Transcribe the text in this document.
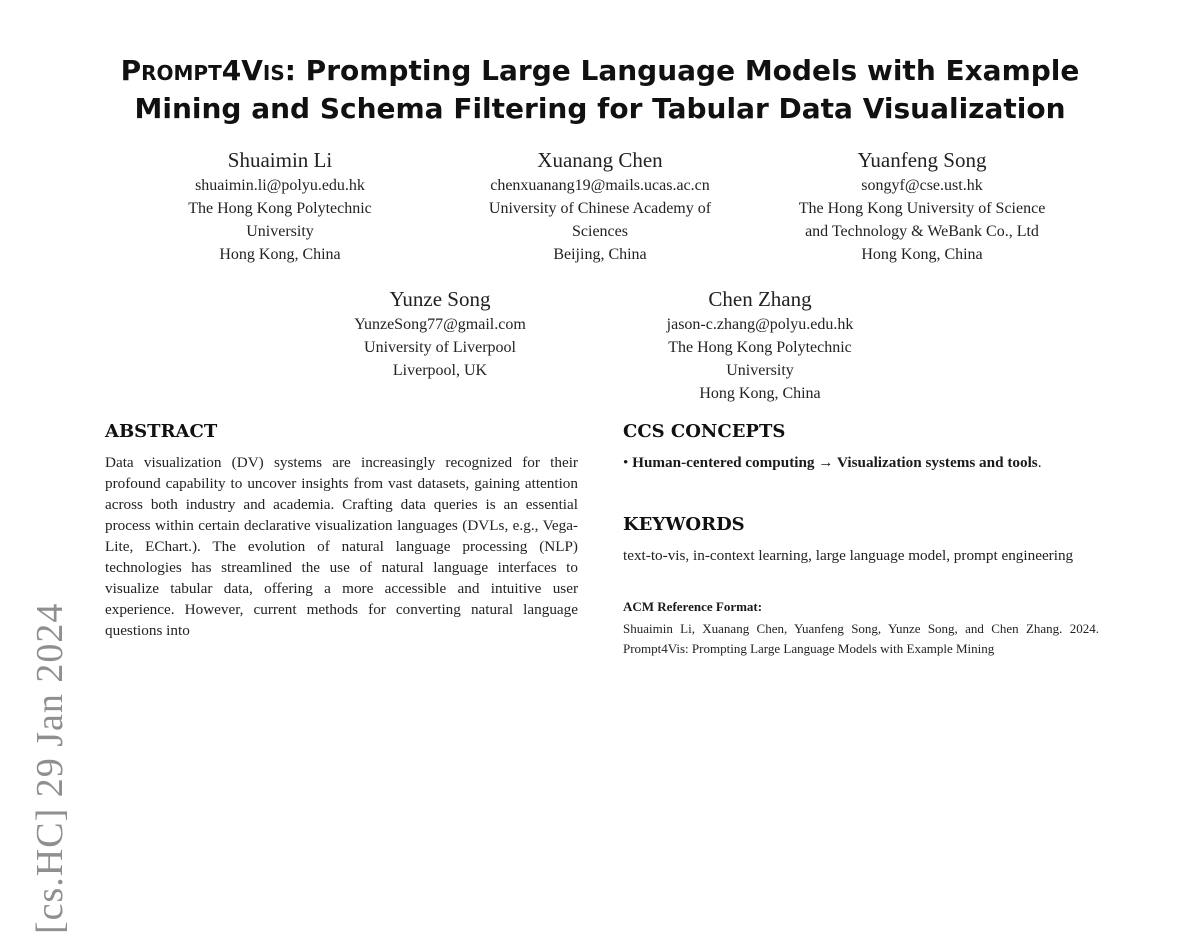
[cs.HC] 29 Jan 2024
Prompt4Vis: Prompting Large Language Models with Example
Mining and Schema Filtering for Tabular Data Visualization
Shuaimin Li
shuaimin.li@polyu.edu.hk
The Hong Kong Polytechnic
University
Hong Kong, China
Xuanang Chen
chenxuanang19@mails.ucas.ac.cn
University of Chinese Academy of
Sciences
Beijing, China
Yuanfeng Song
songyf@cse.ust.hk
The Hong Kong University of Science
and Technology & WeBank Co., Ltd
Hong Kong, China
Yunze Song
YunzeSong77@gmail.com
University of Liverpool
Liverpool, UK
Chen Zhang
jason-c.zhang@polyu.edu.hk
The Hong Kong Polytechnic
University
Hong Kong, China
ABSTRACT

Data visualization (DV) systems are increasingly recognized for their profound capability to uncover insights from vast datasets, gaining attention across both industry and academia. Crafting data queries is an essential process within certain declarative visualization languages (DVLs, e.g., Vega-Lite, EChart.). The evolution of natural language processing (NLP) technologies has streamlined the use of natural language interfaces to visualize tabular data, offering a more accessible and intuitive user experience. However, current methods for converting natural language questions into

CCS CONCEPTS
• Human-centered computing → Visualization systems and tools.
KEYWORDS

text-to-vis, in-context learning, large language model, prompt engineering

ACM Reference Format:
Shuaimin Li, Xuanang Chen, Yuanfeng Song, Yunze Song, and Chen Zhang. 2024. Prompt4Vis: Prompting Large Language Models with Example Mining
